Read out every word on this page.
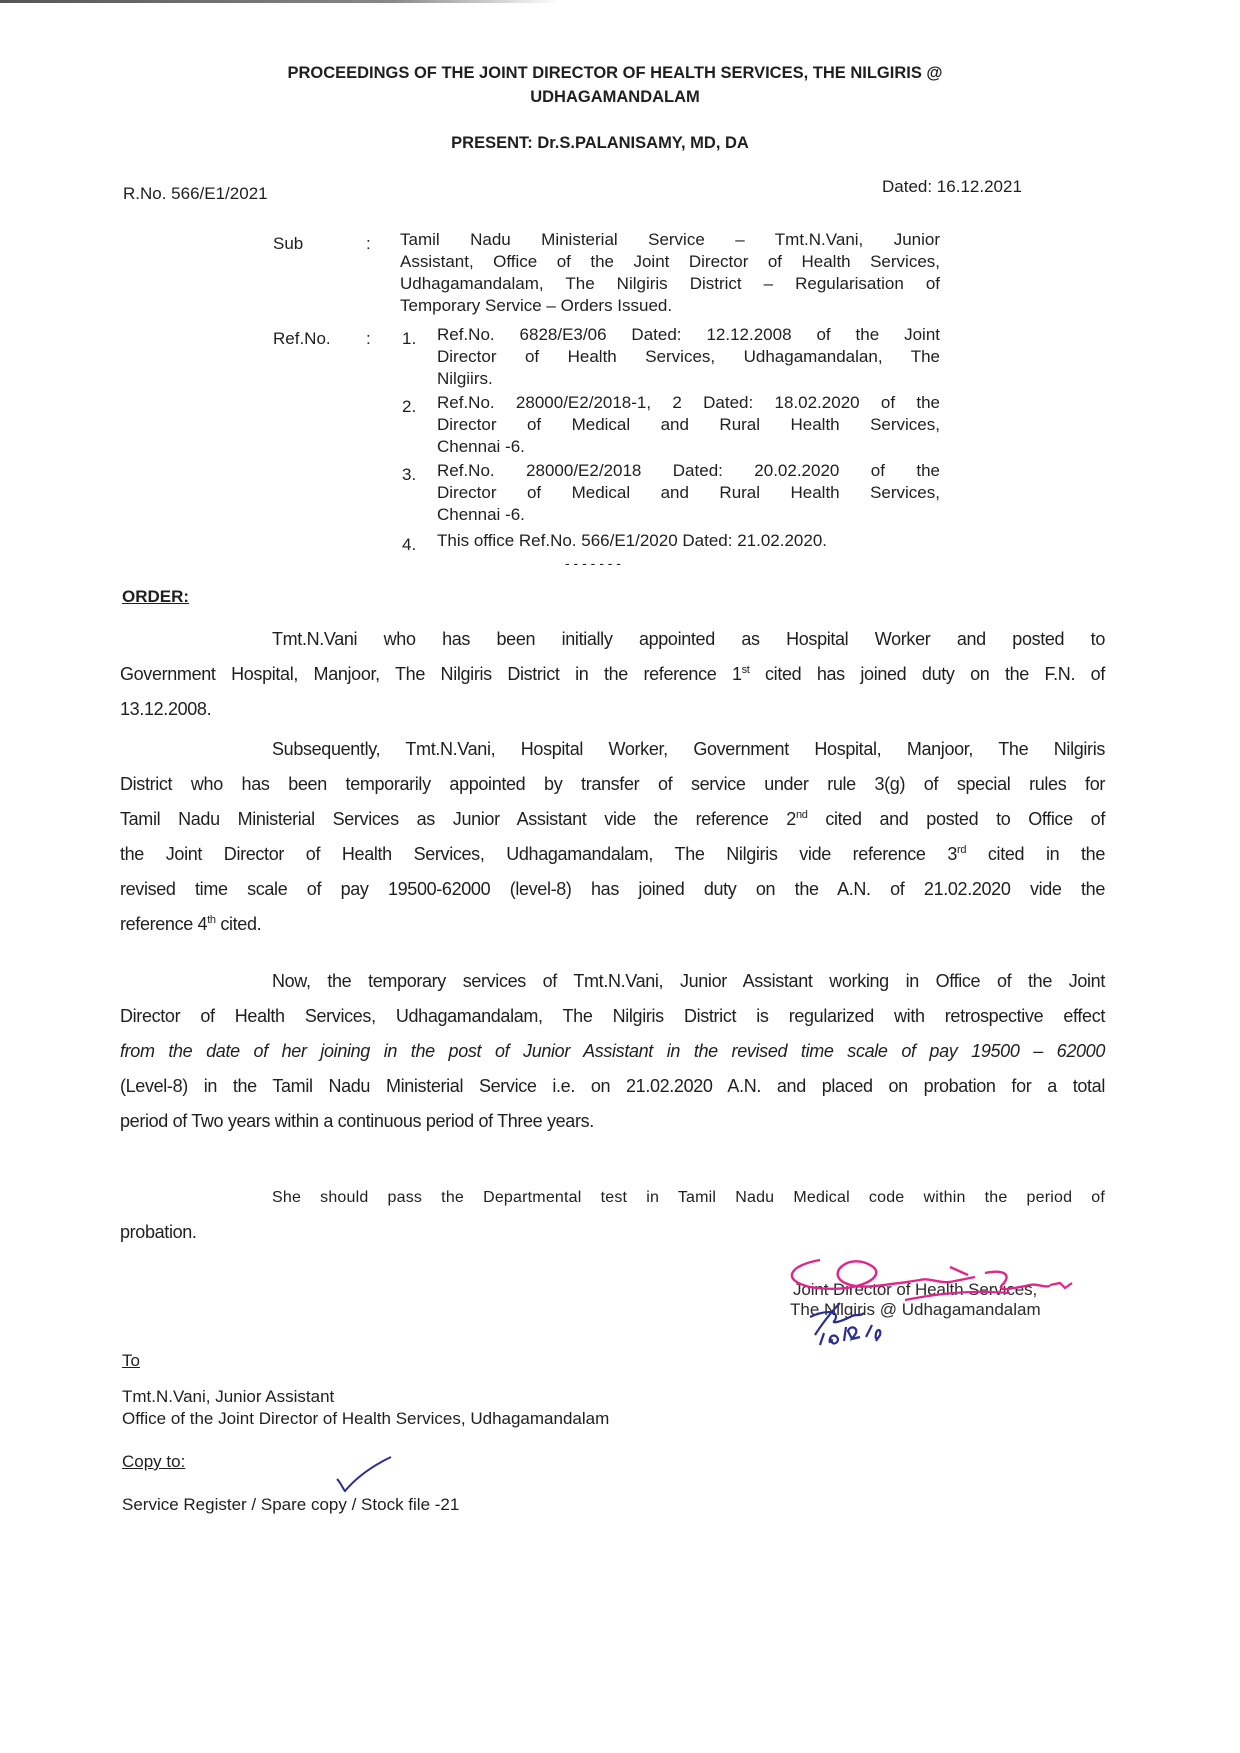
PROCEEDINGS OF THE JOINT DIRECTOR OF HEALTH SERVICES, THE NILGIRIS @
UDHAGAMANDALAM
PRESENT: Dr.S.PALANISAMY, MD, DA
R.No. 566/E1/2021	Dated: 16.12.2021
Sub	: Tamil Nadu Ministerial Service – Tmt.N.Vani, Junior
Assistant, Office of the Joint Director of Health Services,
Udhagamandalam, The Nilgiris District – Regularisation of
Temporary Service – Orders Issued.
Ref.No. : 1. Ref.No. 6828/E3/06 Dated: 12.12.2008 of the Joint
Director of Health Services, Udhagamandalan, The
Nilgiirs.
2. Ref.No. 28000/E2/2018-1, 2 Dated: 18.02.2020 of the
Director of Medical and Rural Health Services,
Chennai -6.
3. Ref.No. 28000/E2/2018 Dated: 20.02.2020 of the
Director of Medical and Rural Health Services,
Chennai -6.
4. This office Ref.No. 566/E1/2020 Dated: 21.02.2020.
- - - - - - -
ORDER:
Tmt.N.Vani who has been initially appointed as Hospital Worker and posted to
Government Hospital, Manjoor, The Nilgiris District in the reference 1st cited has joined duty on the F.N. of
13.12.2008.
Subsequently, Tmt.N.Vani, Hospital Worker, Government Hospital, Manjoor, The Nilgiris
District who has been temporarily appointed by transfer of service under rule 3(g) of special rules for
Tamil Nadu Ministerial Services as Junior Assistant vide the reference 2nd cited and posted to Office of
the Joint Director of Health Services, Udhagamandalam, The Nilgiris vide reference 3rd cited in the
revised time scale of pay 19500-62000 (level-8) has joined duty on the A.N. of 21.02.2020 vide the
reference 4th cited.
Now, the temporary services of Tmt.N.Vani, Junior Assistant working in Office of the Joint
Director of Health Services, Udhagamandalam, The Nilgiris District is regularized with retrospective effect
from the date of her joining in the post of Junior Assistant in the revised time scale of pay 19500 – 62000
(Level-8) in the Tamil Nadu Ministerial Service i.e. on 21.02.2020 A.N. and placed on probation for a total
period of Two years within a continuous period of Three years.
She should pass the Departmental test in Tamil Nadu Medical code within the period of
probation.
Joint Director of Health Services,
The Nilgiris @ Udhagamandalam
To
Tmt.N.Vani, Junior Assistant
Office of the Joint Director of Health Services, Udhagamandalam
Copy to:
Service Register / Spare copy / Stock file -21
